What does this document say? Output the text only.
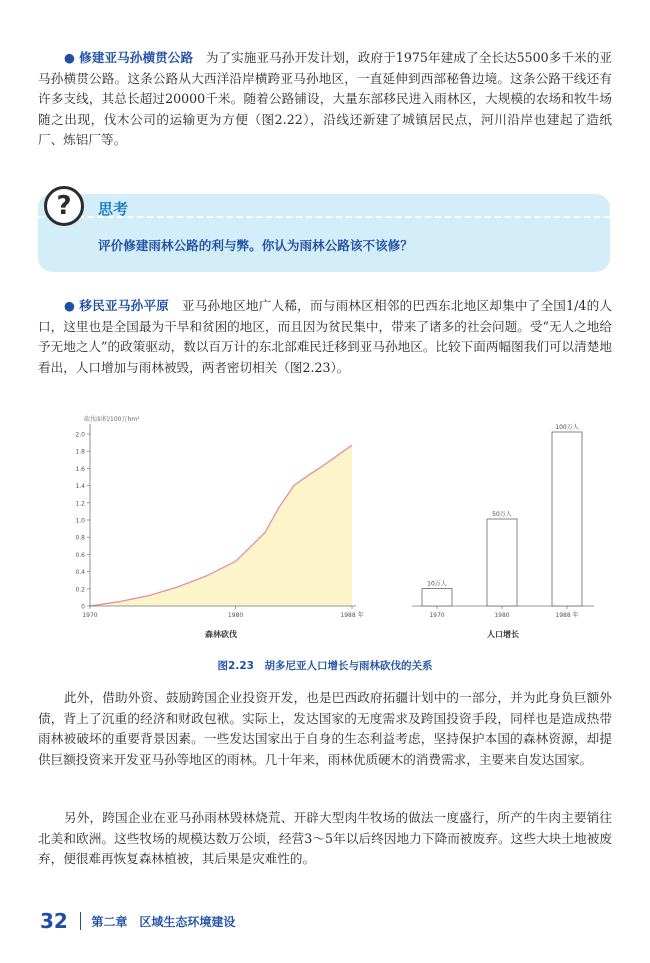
● 修建亚马孙横贯公路　 为了实施亚马孙开发计划，政府于1975年建成了全长达5500多千米的亚马孙横贯公路。这条公路从大西洋沿岸横跨亚马孙地区，一直延伸到西部秘鲁边境。这条公路干线还有许多支线，其总长超过20000千米。随着公路铺设，大量东部移民进入雨林区，大规模的农场和牧牛场随之出现，伐木公司的运输更为方便（图2.22），沿线还新建了城镇居民点，河川沿岸也建起了造纸厂、炼铝厂等。

? 思考
评价修建雨林公路的利与弊。你认为雨林公路该不该修？

● 移民亚马孙平原　 亚马孙地区地广人稀，而与雨林区相邻的巴西东北地区却集中了全国1/4的人口，这里也是全国最为干旱和贫困的地区，而且因为贫民集中，带来了诸多的社会问题。受“无人之地给予无地之人”的政策驱动，数以百万计的东北部难民迁移到亚马孙地区。比较下面两幅图我们可以清楚地看出，人口增加与雨林被毁，两者密切相关（图2.23）。

0
0.2
0.4
0.6
0.8
1.0
1.2
1.4
1.6
1.8
2.0
砍伐面积/100万hm²
1970	1980	1988 年
森林砍伐
10万人
1970
50万人
1980
100万人
1988 年
人口增长
图2.23　胡多尼亚人口增长与雨林砍伐的关系

此外，借助外资、鼓励跨国企业投资开发，也是巴西政府拓疆计划中的一部分，并为此身负巨额外债，背上了沉重的经济和财政包袱。实际上，发达国家的无度需求及跨国投资手段，同样也是造成热带雨林被破坏的重要背景因素。一些发达国家出于自身的生态利益考虑，坚持保护本国的森林资源，却提供巨额投资来开发亚马孙等地区的雨林。几十年来，雨林优质硬木的消费需求，主要来自发达国家。

另外，跨国企业在亚马孙雨林毁林烧荒、开辟大型肉牛牧场的做法一度盛行，所产的牛肉主要销往北美和欧洲。这些牧场的规模达数万公顷，经营3～5年以后终因地力下降而被废弃。这些大块土地被废弃，便很难再恢复森林植被，其后果是灾难性的。

32 第二章　区域生态环境建设
